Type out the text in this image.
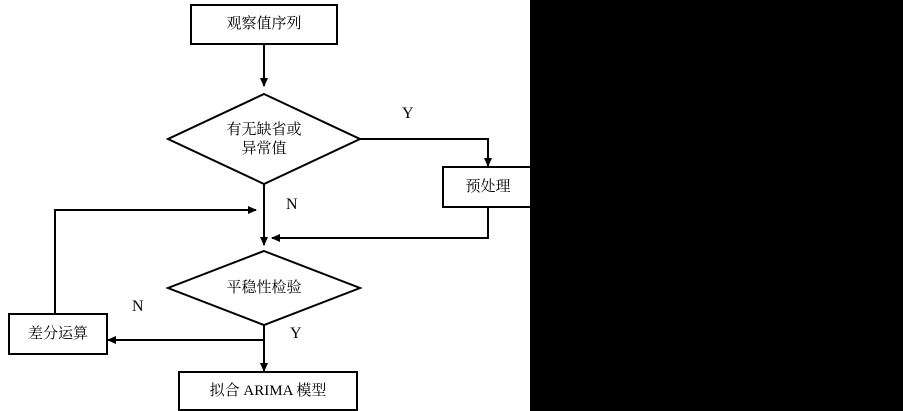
观察值序列
预处理
差分运算
拟合 ARIMA 模型
有无缺省或
异常值
平稳性检验
Y
N
N
Y
